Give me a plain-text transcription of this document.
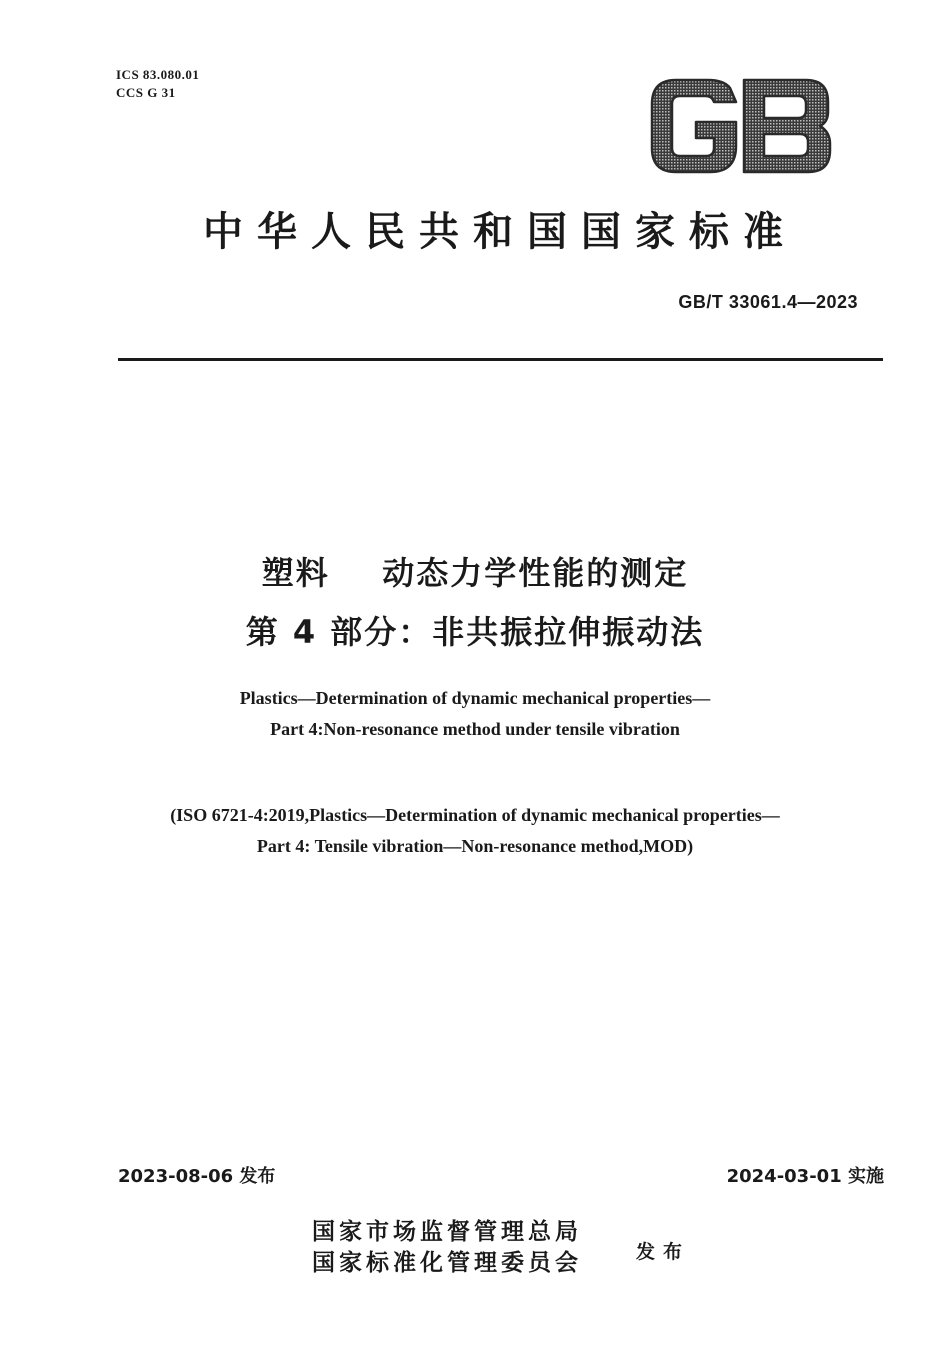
ICS 83.080.01
CCS G 31
中华人民共和国国家标准
GB/T 33061.4—2023
塑料    动态力学性能的测定
第 4 部分：非共振拉伸振动法
Plastics—Determination of dynamic mechanical properties—
Part 4:Non-resonance method under tensile vibration
(ISO 6721-4:2019,Plastics—Determination of dynamic mechanical properties—
Part 4: Tensile vibration—Non-resonance method,MOD)
2023-08-06 发布	2024-03-01 实施
国家市场监督管理总局
国家标准化管理委员会	发布
